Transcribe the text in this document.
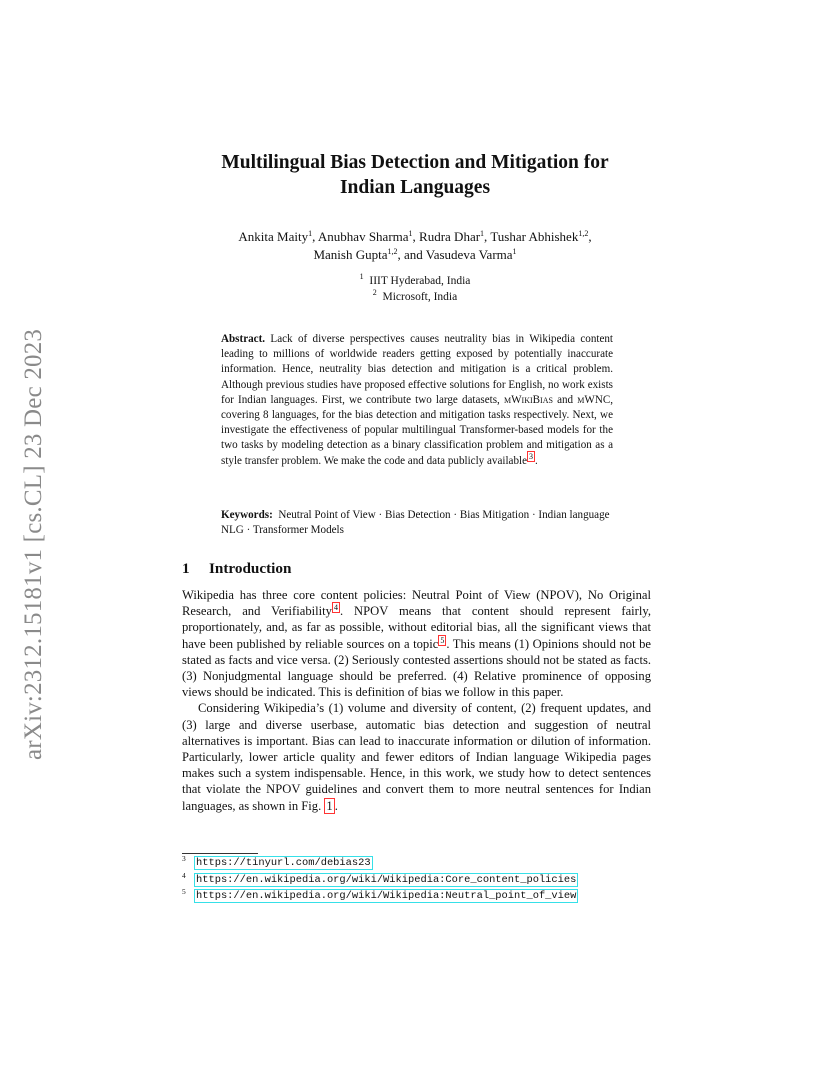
arXiv:2312.15181v1 [cs.CL] 23 Dec 2023
Multilingual Bias Detection and Mitigation for
Indian Languages
Ankita Maity$^1$, Anubhav Sharma$^1$, Rudra Dhar$^1$, Tushar Abhishek$^{1,2}$,
Manish Gupta$^{1,2}$, and Vasudeva Varma$^1$
$^1$ IIIT Hyderabad, India
$^2$ Microsoft, India
Abstract. Lack of diverse perspectives causes neutrality bias in Wikipedia content leading to millions of worldwide readers getting exposed by potentially inaccurate information. Hence, neutrality bias detection and mitigation is a critical problem. Although previous studies have proposed effective solutions for English, no work exists for Indian languages. First, we contribute two large datasets, mWikiBias and mWNC, covering 8 languages, for the bias detection and mitigation tasks respectively. Next, we investigate the effectiveness of popular multilingual Transformer-based models for the two tasks by modeling detection as a binary classification problem and mitigation as a style transfer problem. We make the code and data publicly available $^3$ .
Keywords: Neutral Point of View · Bias Detection · Bias Mitigation · Indian language NLG · Transformer Models
1 Introduction

Wikipedia has three core content policies: Neutral Point of View (NPOV), No Original Research, and Verifiability $^4$ . NPOV means that content should represent fairly, proportionately, and, as far as possible, without editorial bias, all the significant views that have been published by reliable sources on a topic $^5$ . This means (1) Opinions should not be stated as facts and vice versa. (2) Seriously contested assertions should not be stated as facts. (3) Nonjudgmental language should be preferred. (4) Relative prominence of opposing views should be indicated. This is definition of bias we follow in this paper.

Considering Wikipedia’s (1) volume and diversity of content, (2) frequent updates, and (3) large and diverse userbase, automatic bias detection and suggestion of neutral alternatives is important. Bias can lead to inaccurate information or dilution of information. Particularly, lower article quality and fewer editors of Indian language Wikipedia pages makes such a system indispensable. Hence, in this work, we study how to detect sentences that violate the NPOV guidelines and convert them to more neutral sentences for Indian languages, as shown in Fig. 1 .

3 https://tinyurl.com/debias23
4 https://en.wikipedia.org/wiki/Wikipedia:Core_content_policies
5 https://en.wikipedia.org/wiki/Wikipedia:Neutral_point_of_view
